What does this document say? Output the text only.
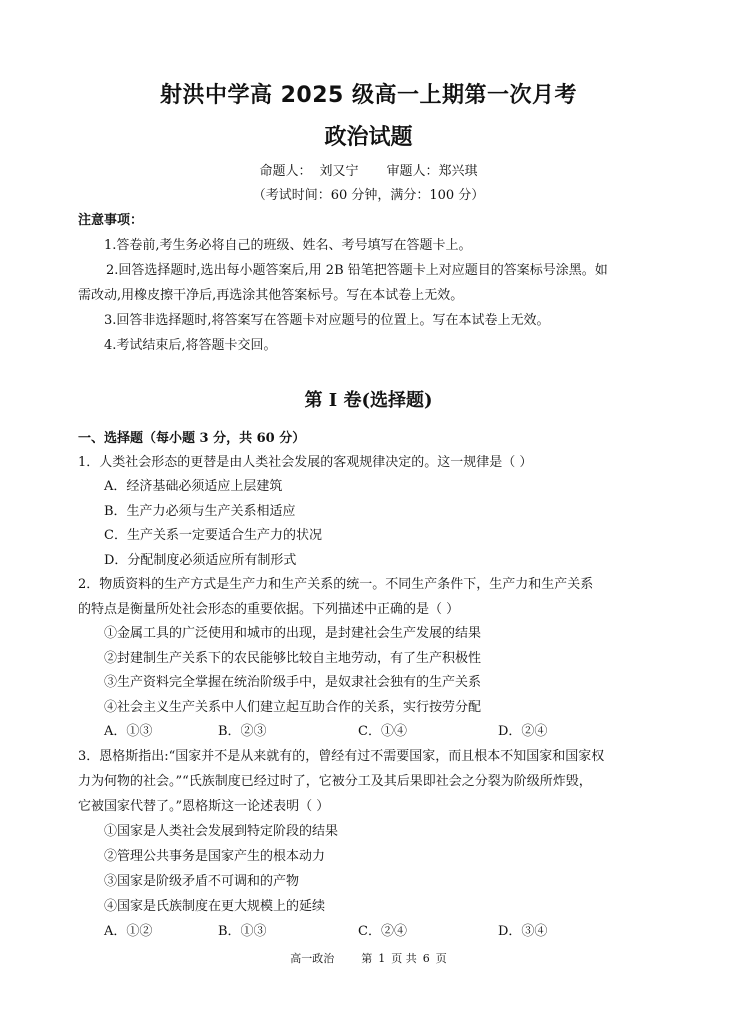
射洪中学高 2025 级高一上期第一次月考
政治试题
命题人： 刘又宁 审题人：郑兴琪
（考试时间：60 分钟，满分：100 分）
注意事项：
1.答卷前,考生务必将自己的班级、姓名、考号填写在答题卡上。
2.回答选择题时,选出每小题答案后,用 2B 铅笔把答题卡上对应题目的答案标号涂黑。如
需改动,用橡皮擦干净后,再选涂其他答案标号。写在本试卷上无效。
3.回答非选择题时,将答案写在答题卡对应题号的位置上。写在本试卷上无效。
4.考试结束后,将答题卡交回。
第 I 卷(选择题)
一、选择题（每小题 3 分，共 60 分）
1．人类社会形态的更替是由人类社会发展的客观规律决定的。这一规律是（ ）
A．经济基础必须适应上层建筑
B．生产力必须与生产关系相适应
C．生产关系一定要适合生产力的状况
D．分配制度必须适应所有制形式
2．物质资料的生产方式是生产力和生产关系的统一。不同生产条件下，生产力和生产关系
的特点是衡量所处社会形态的重要依据。下列描述中正确的是（ ）
①金属工具的广泛使用和城市的出现，是封建社会生产发展的结果
②封建制生产关系下的农民能够比较自主地劳动，有了生产积极性
③生产资料完全掌握在统治阶级手中，是奴隶社会独有的生产关系
④社会主义生产关系中人们建立起互助合作的关系，实行按劳分配
A．①③	B．②③	C．①④	D．②④
3．恩格斯指出:“国家并不是从来就有的，曾经有过不需要国家，而且根本不知国家和国家权
力为何物的社会。”“氏族制度已经过时了，它被分工及其后果即社会之分裂为阶级所炸毁，
它被国家代替了。”恩格斯这一论述表明（ ）
①国家是人类社会发展到特定阶段的结果
②管理公共事务是国家产生的根本动力
③国家是阶级矛盾不可调和的产物
④国家是氏族制度在更大规模上的延续
A．①②	B．①③	C．②④	D．③④
高一政治 第 1 页 共 6 页
